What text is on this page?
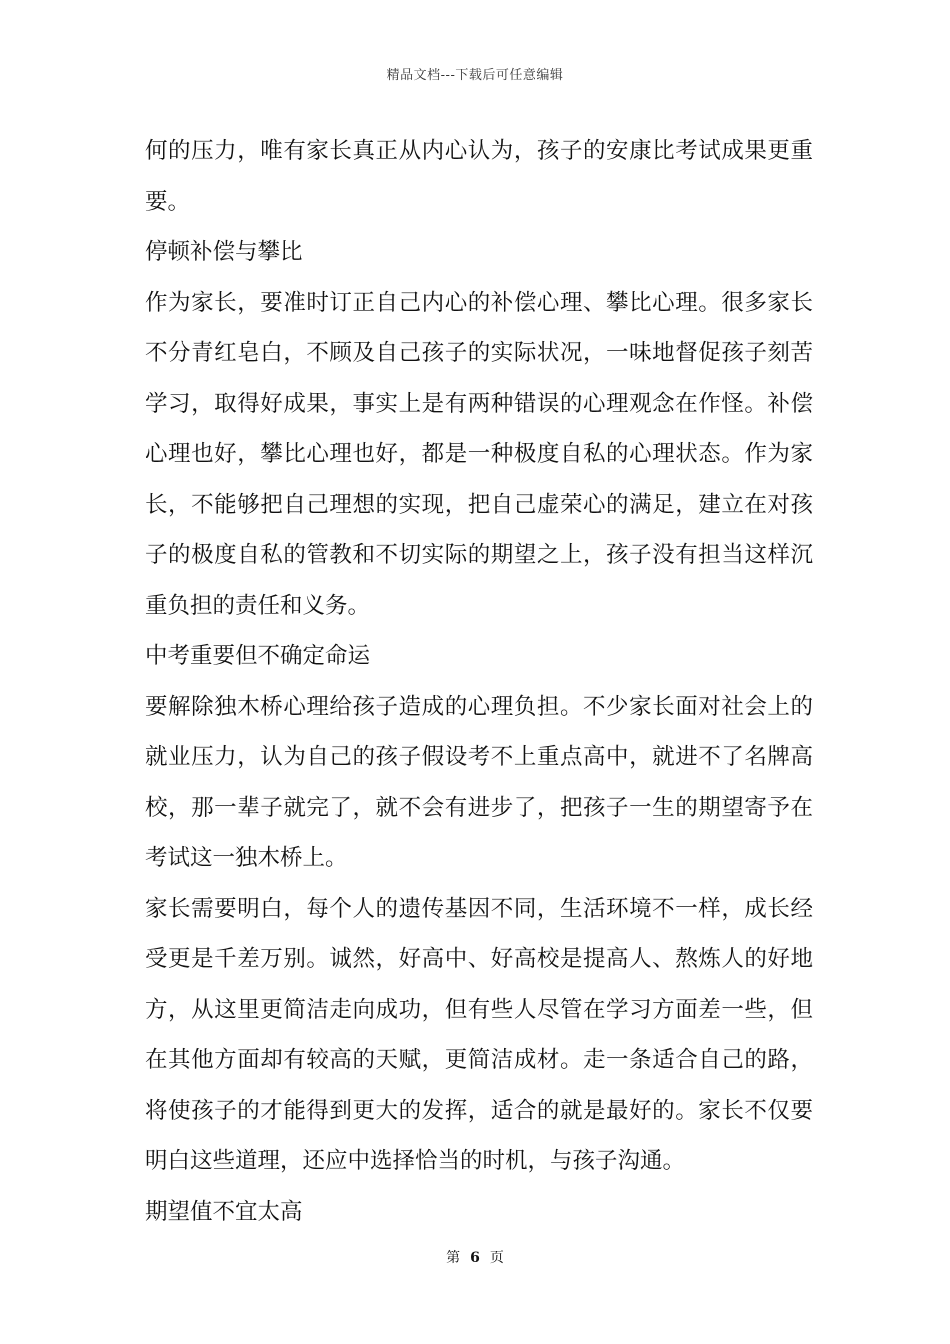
精品文档---下载后可任意编辑
何的压力，唯有家长真正从内心认为，孩子的安康比考试成果更重
要。
停顿补偿与攀比
作为家长，要准时订正自己内心的补偿心理、攀比心理。很多家长
不分青红皂白，不顾及自己孩子的实际状况，一味地督促孩子刻苦
学习，取得好成果，事实上是有两种错误的心理观念在作怪。补偿
心理也好，攀比心理也好，都是一种极度自私的心理状态。作为家
长，不能够把自己理想的实现，把自己虚荣心的满足，建立在对孩
子的极度自私的管教和不切实际的期望之上，孩子没有担当这样沉
重负担的责任和义务。
中考重要但不确定命运
要解除独木桥心理给孩子造成的心理负担。不少家长面对社会上的
就业压力，认为自己的孩子假设考不上重点高中，就进不了名牌高
校，那一辈子就完了，就不会有进步了，把孩子一生的期望寄予在
考试这一独木桥上。
家长需要明白，每个人的遗传基因不同，生活环境不一样，成长经
受更是千差万别。诚然，好高中、好高校是提高人、熬炼人的好地
方，从这里更简洁走向成功，但有些人尽管在学习方面差一些，但
在其他方面却有较高的天赋，更简洁成材。走一条适合自己的路，
将使孩子的才能得到更大的发挥，适合的就是最好的。家长不仅要
明白这些道理，还应中选择恰当的时机，与孩子沟通。
期望值不宜太高
第 6 页
